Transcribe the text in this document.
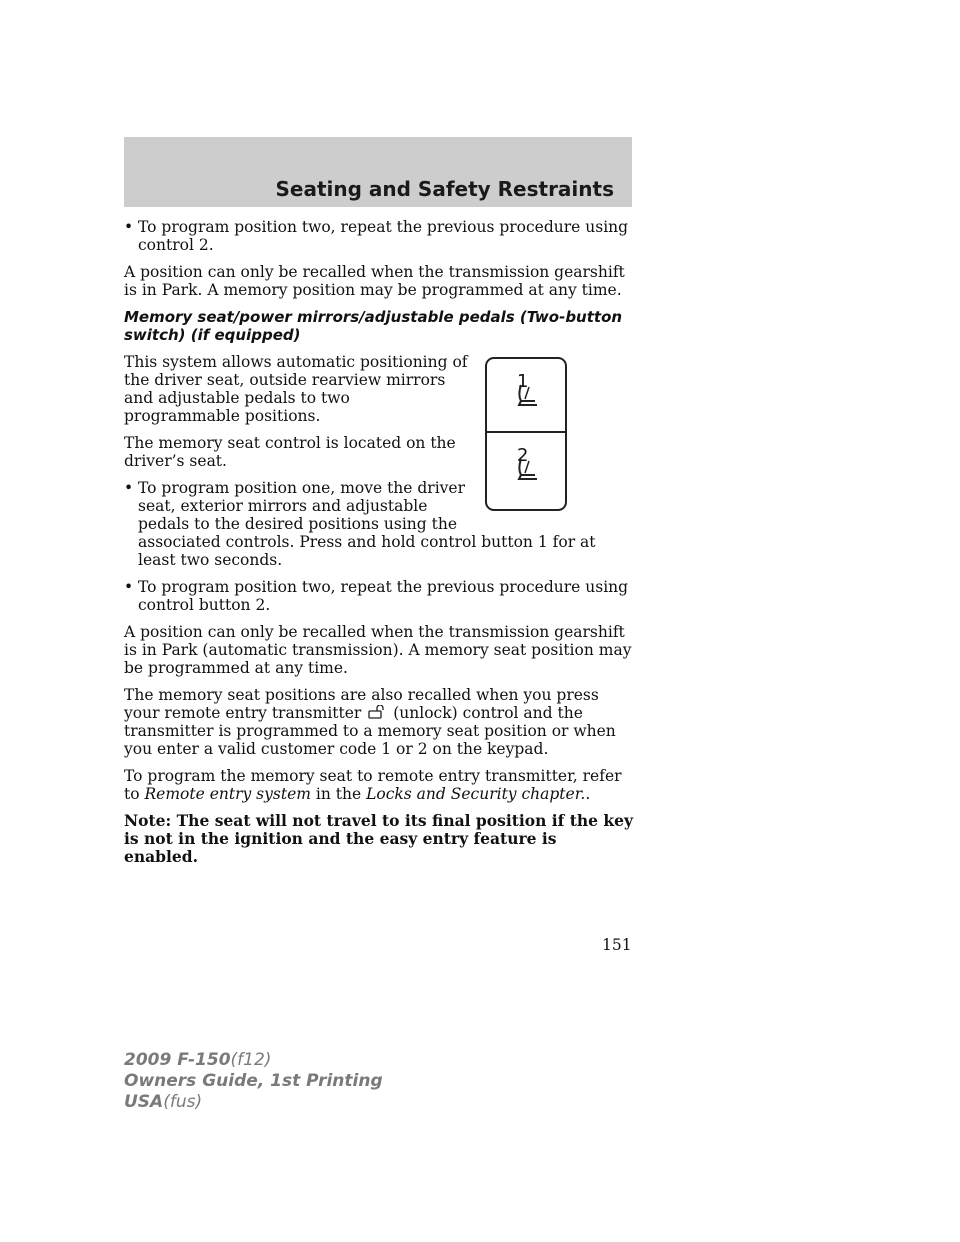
Seating and Safety Restraints
• To program position two, repeat the previous procedure using control 2.

A position can only be recalled when the transmission gearshift is in Park. A memory position may be programmed at any time.

Memory seat/power mirrors/adjustable pedals (Two-button switch) (if equipped)
1
2

This system allows automatic positioning of the driver seat, outside rearview mirrors and adjustable pedals to two programmable positions.

The memory seat control is located on the driver’s seat.

• To program position one, move the driver seat, exterior mirrors and adjustable pedals to the desired positions using the associated controls. Press and hold control button 1 for at least two seconds.
• To program position two, repeat the previous procedure using control button 2.

A position can only be recalled when the transmission gearshift is in Park (automatic transmission). A memory seat position may be programmed at any time.

The memory seat positions are also recalled when you press your remote entry transmitter (unlock) control and the transmitter is programmed to a memory seat position or when you enter a valid customer code 1 or 2 on the keypad.

To program the memory seat to remote entry transmitter, refer to Remote entry system in the Locks and Security chapter..

Note: The seat will not travel to its final position if the key is not in the ignition and the easy entry feature is enabled.

151
2009 F-150(f12)
Owners Guide, 1st Printing
USA(fus)
